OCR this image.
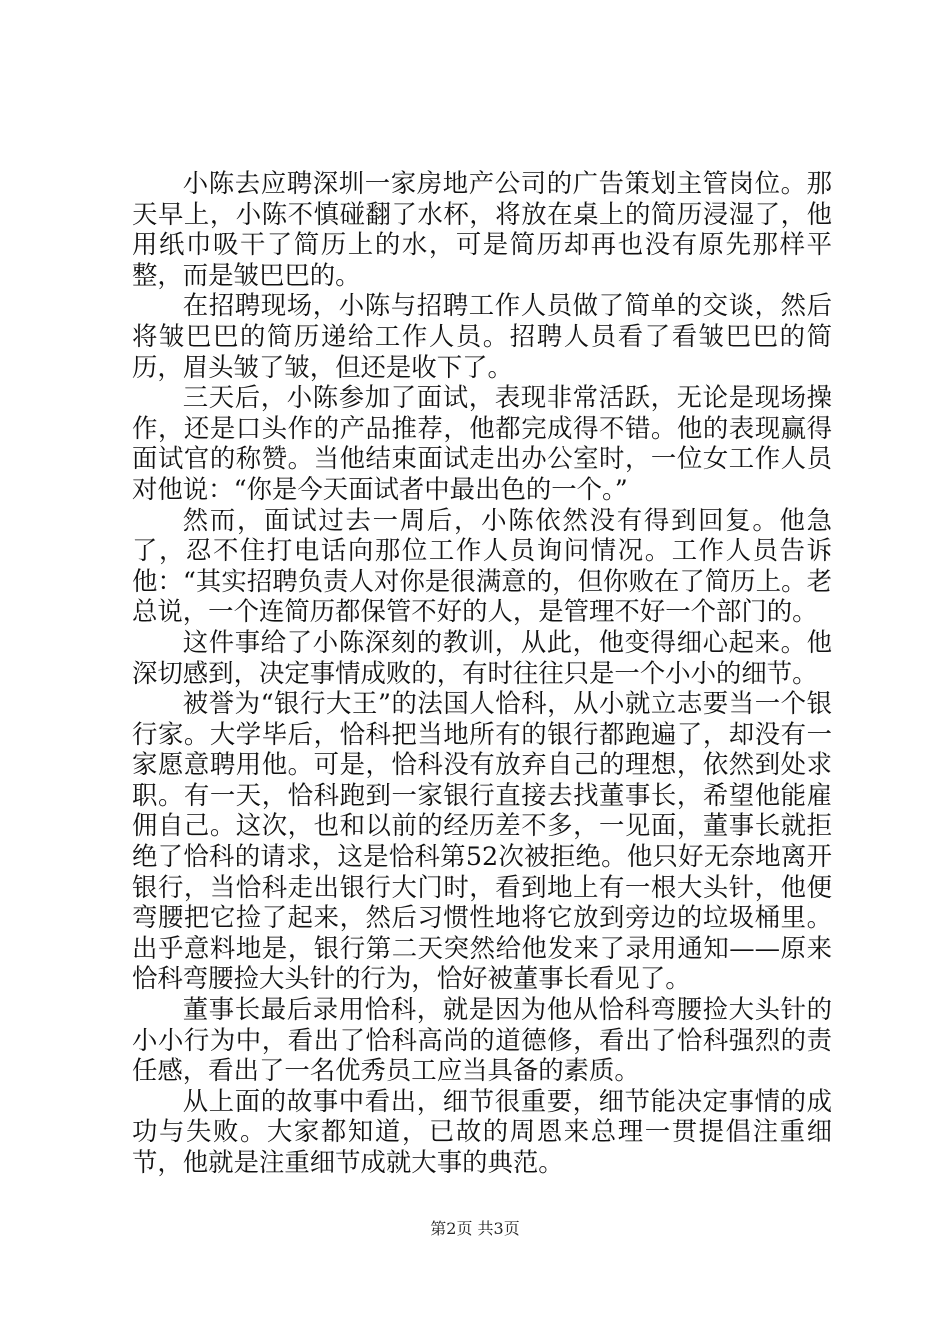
小陈去应聘深圳一家房地产公司的广告策划主管岗位。那天早上，小陈不慎碰翻了水杯，将放在桌上的简历浸湿了，他用纸巾吸干了简历上的水，可是简历却再也没有原先那样平整，而是皱巴巴的。

在招聘现场，小陈与招聘工作人员做了简单的交谈，然后将皱巴巴的简历递给工作人员。招聘人员看了看皱巴巴的简历，眉头皱了皱，但还是收下了。

三天后，小陈参加了面试，表现非常活跃，无论是现场操作，还是口头作的产品推荐，他都完成得不错。他的表现赢得面试官的称赞。当他结束面试走出办公室时，一位女工作人员对他说：“你是今天面试者中最出色的一个。”

然而，面试过去一周后，小陈依然没有得到回复。他急了，忍不住打电话向那位工作人员询问情况。工作人员告诉他：“其实招聘负责人对你是很满意的，但你败在了简历上。老总说，一个连简历都保管不好的人，是管理不好一个部门的。

这件事给了小陈深刻的教训，从此，他变得细心起来。他深切感到，决定事情成败的，有时往往只是一个小小的细节。

被誉为“银行大王”的法国人恰科，从小就立志要当一个银行家。大学毕后，恰科把当地所有的银行都跑遍了，却没有一家愿意聘用他。可是，恰科没有放弃自己的理想，依然到处求职。有一天，恰科跑到一家银行直接去找董事长，希望他能雇佣自己。这次，也和以前的经历差不多，一见面，董事长就拒绝了恰科的请求，这是恰科第52次被拒绝。他只好无奈地离开银行，当恰科走出银行大门时，看到地上有一根大头针，他便弯腰把它捡了起来，然后习惯性地将它放到旁边的垃圾桶里。出乎意料地是，银行第二天突然给他发来了录用通知——原来恰科弯腰捡大头针的行为，恰好被董事长看见了。

董事长最后录用恰科，就是因为他从恰科弯腰捡大头针的小小行为中，看出了恰科高尚的道德修，看出了恰科强烈的责任感，看出了一名优秀员工应当具备的素质。

从上面的故事中看出，细节很重要，细节能决定事情的成功与失败。大家都知道，已故的周恩来总理一贯提倡注重细节，他就是注重细节成就大事的典范。

第2页 共3页
